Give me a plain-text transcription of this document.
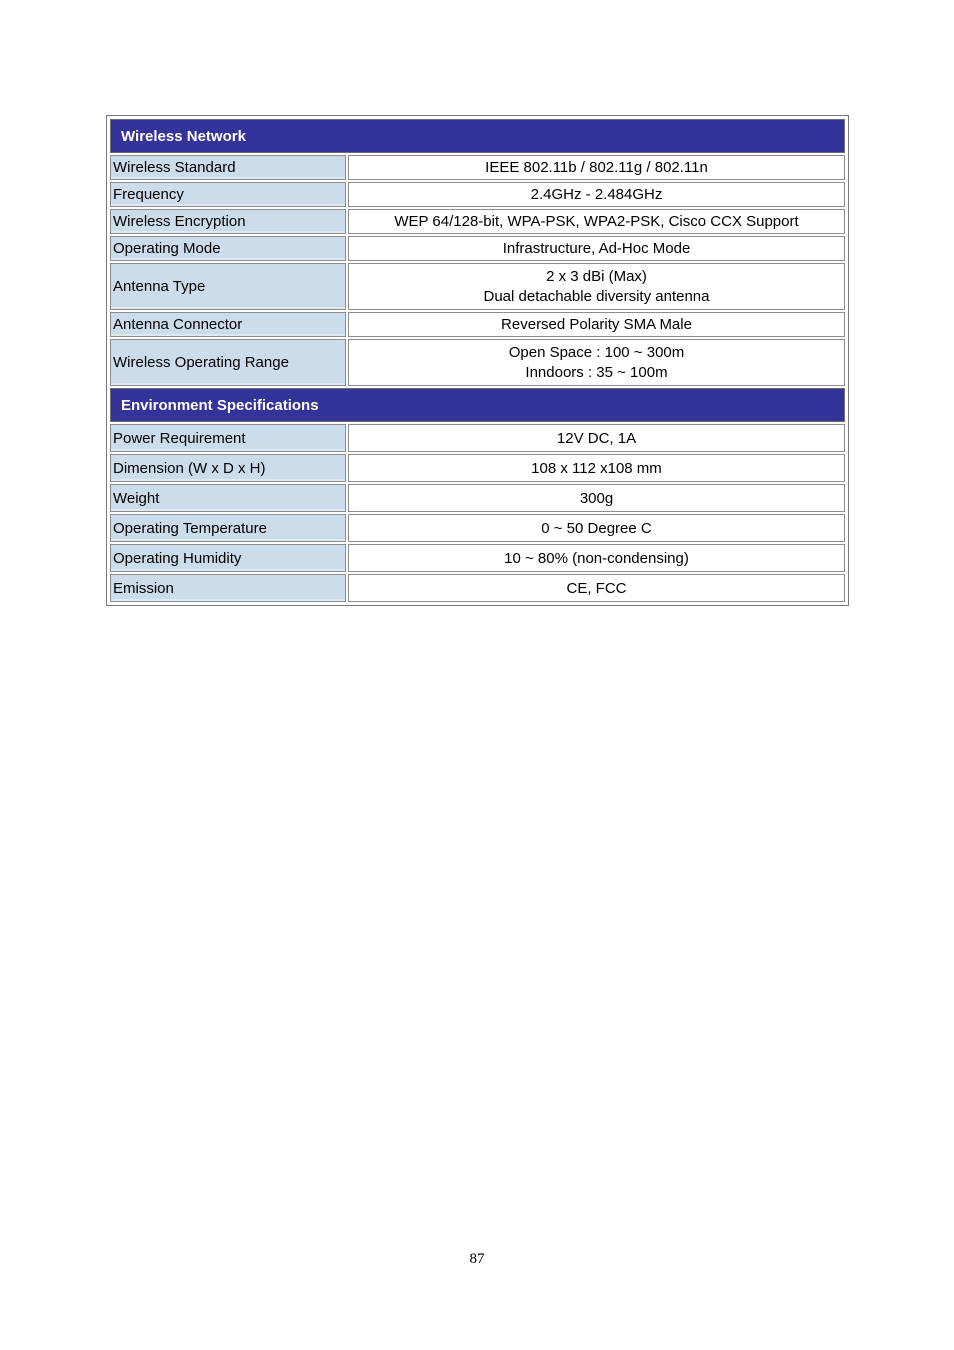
Wireless Network	
Wireless Standard	IEEE 802.11b / 802.11g / 802.11n
Frequency	2.4GHz - 2.484GHz
Wireless Encryption	WEP 64/128-bit, WPA-PSK, WPA2-PSK, Cisco CCX Support
Operating Mode	Infrastructure, Ad-Hoc Mode
Antenna Type	2 x 3 dBi (Max)
Dual detachable diversity antenna
Antenna Connector	Reversed Polarity SMA Male
Wireless Operating Range	Open Space : 100 ~ 300m
Inndoors : 35 ~ 100m
Environment Specifications	
Power Requirement	12V DC, 1A
Dimension (W x D x H)	108 x 112 x108 mm
Weight	300g
Operating Temperature	0 ~ 50 Degree C
Operating Humidity	10 ~ 80% (non-condensing)
Emission	CE, FCC
87
